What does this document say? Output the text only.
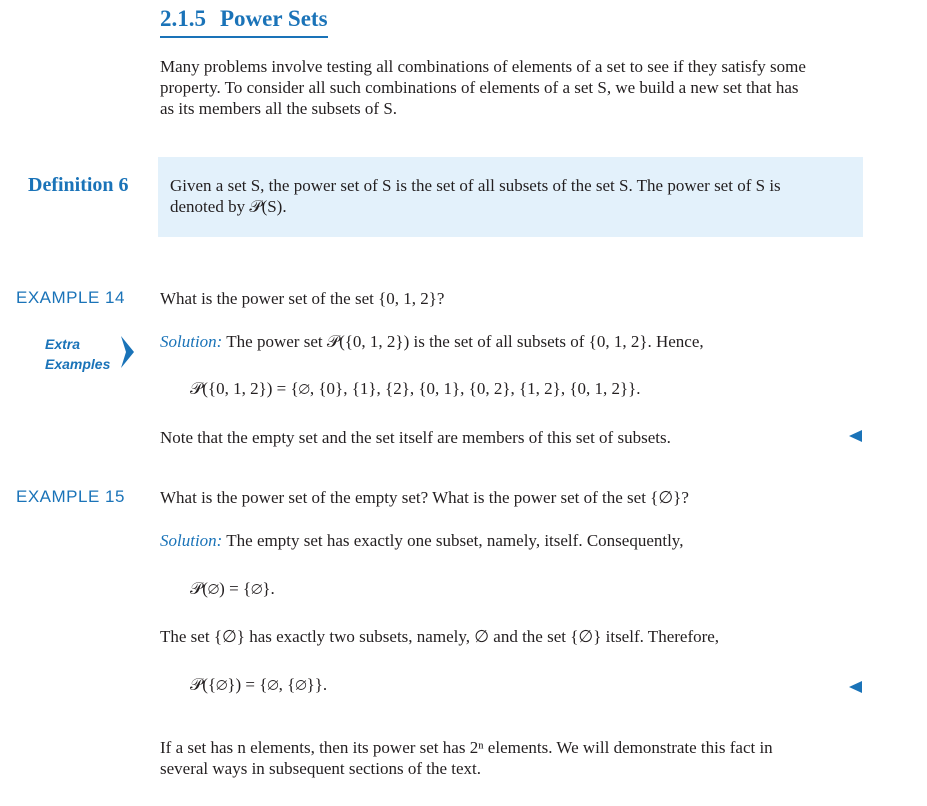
2.1.5 Power Sets
Many problems involve testing all combinations of elements of a set to see if they satisfy some
property. To consider all such combinations of elements of a set S, we build a new set that has
as its members all the subsets of S.
Definition 6 Given a set S, the power set of S is the set of all subsets of the set S. The power set of S is
denoted by 𝒫(S).
EXAMPLE 14 What is the power set of the set {0, 1, 2}?
Extra
Examples
Solution: The power set 𝒫({0, 1, 2}) is the set of all subsets of {0, 1, 2}. Hence,
𝒫({0, 1, 2}) = {∅, {0}, {1}, {2}, {0, 1}, {0, 2}, {1, 2}, {0, 1, 2}}.
Note that the empty set and the set itself are members of this set of subsets.
EXAMPLE 15 What is the power set of the empty set? What is the power set of the set {∅}?
Solution: The empty set has exactly one subset, namely, itself. Consequently,
𝒫(∅) = {∅}.
The set {∅} has exactly two subsets, namely, ∅ and the set {∅} itself. Therefore,
𝒫({∅}) = {∅, {∅}}.
If a set has n elements, then its power set has 2ⁿ elements. We will demonstrate this fact in
several ways in subsequent sections of the text.
